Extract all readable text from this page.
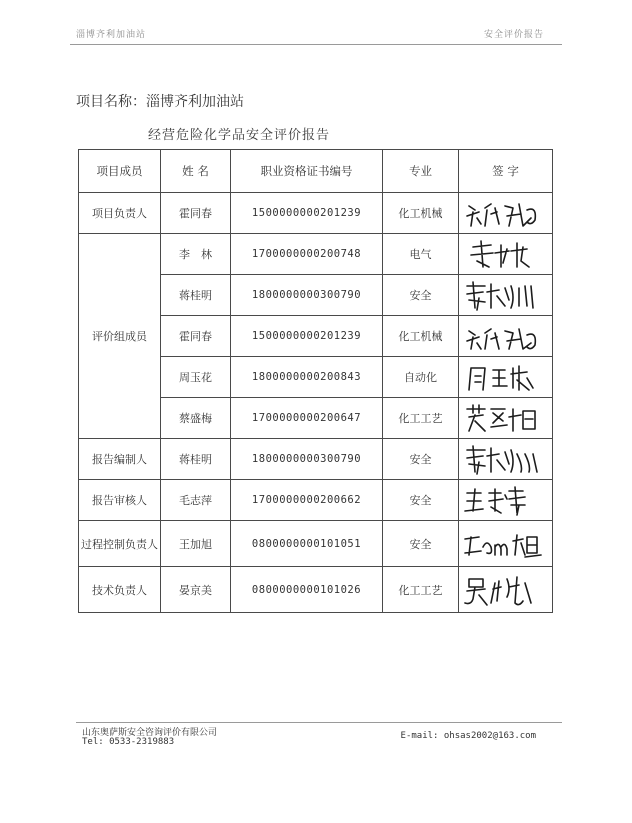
淄博齐利加油站	安全评价报告
项目名称：淄博齐利加油站
经营危险化学品安全评价报告
项目成员	姓 名	职业资格证书编号	专业	签 字
项目负责人	霍同春	1500000000201239	化工机械	
评价组成员	李　林	1700000000200748	电气	
	蒋桂明	1800000000300790	安全	
	霍同春	1500000000201239	化工机械	
	周玉花	1800000000200843	自动化	
	蔡盛梅	1700000000200647	化工工艺	
报告编制人	蒋桂明	1800000000300790	安全	
报告审核人	毛志萍	1700000000200662	安全	
过程控制负责人	王加旭	0800000000101051	安全	
技术负责人	晏京美	0800000000101026	化工工艺	
山东奥萨斯安全咨询评价有限公司
Tel: 0533-2319883
E-mail: ohsas2002@163.com
